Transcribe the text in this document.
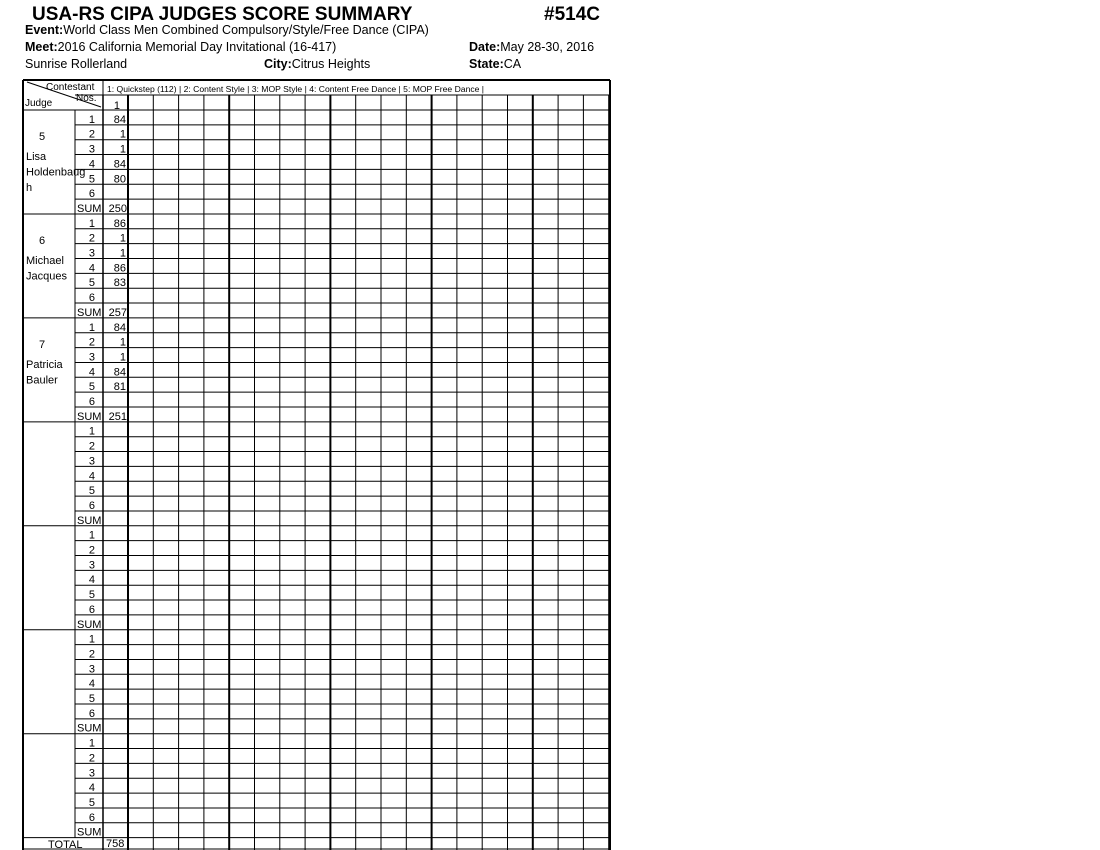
USA-RS CIPA JUDGES SCORE SUMMARY	#514C
Event:World Class Men Combined Compulsory/Style/Free Dance (CIPA)
Meet:2016 California Memorial Day Invitational (16-417)	Date:May 28-30, 2016
Sunrise Rollerland	City:Citrus Heights	State:CA
Contestant
Nos.
Judge
1: Quickstep (112) | 2: Content Style | 3: MOP Style | 4: Content Free Dance | 5: MOP Free Dance |
1
5
Lisa
Holdenbaug
h
1 84
2 1
3 1
4 84
5 80
6
SUM 250
6
Michael
Jacques
1 86
2 1
3 1
4 86
5 83
6
SUM 257
7
Patricia
Bauler
1 84
2 1
3 1
4 84
5 81
6
SUM 251
1
2
3
4
5
6
SUM
1
2
3
4
5
6
SUM
1
2
3
4
5
6
SUM
1
2
3
4
5
6
SUM
TOTAL 758
